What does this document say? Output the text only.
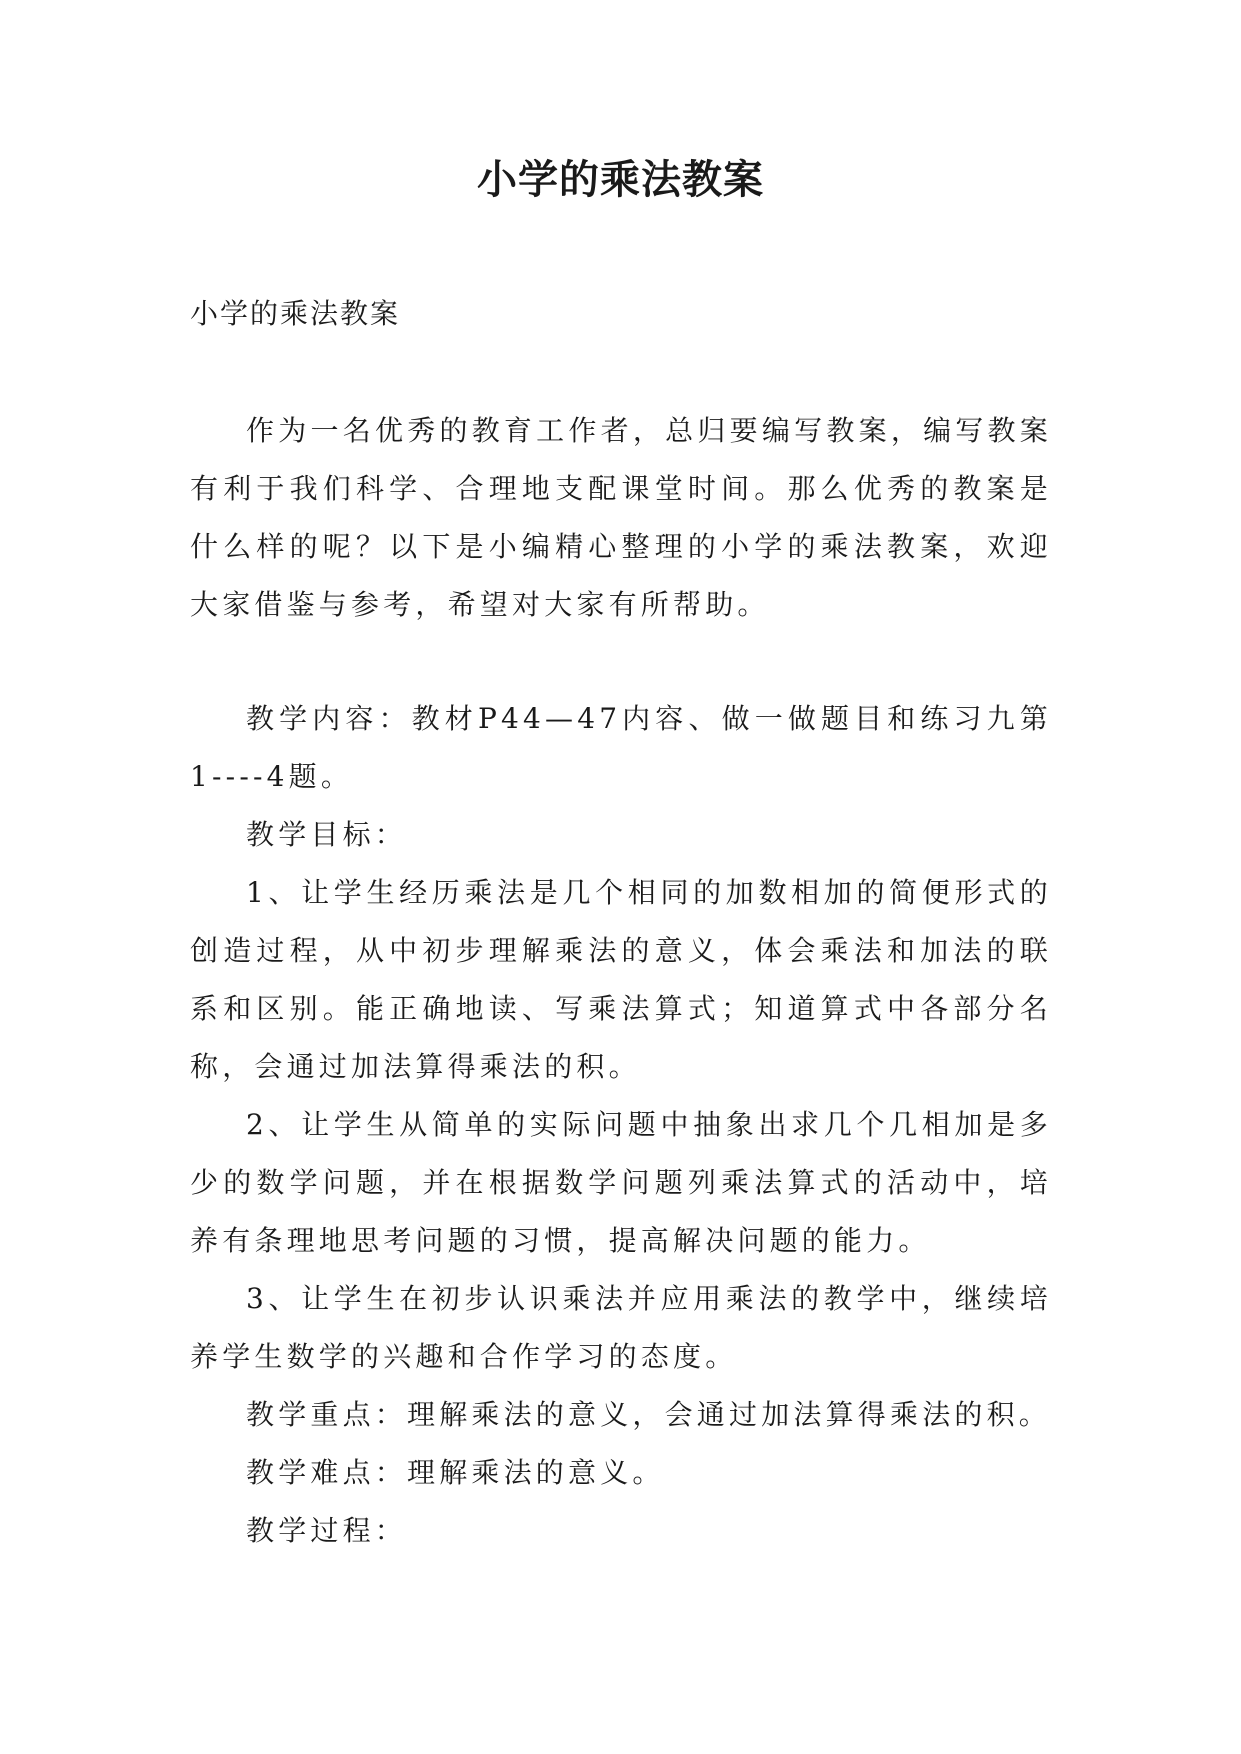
小学的乘法教案
小学的乘法教案

作为一名优秀的教育工作者，总归要编写教案，编写教案有利于我们科学、合理地支配课堂时间。那么优秀的教案是什么样的呢？以下是小编精心整理的小学的乘法教案，欢迎大家借鉴与参考，希望对大家有所帮助。

教学内容：教材P44—47内容、做一做题目和练习九第1----4题。

教学目标：

1、让学生经历乘法是几个相同的加数相加的简便形式的创造过程，从中初步理解乘法的意义，体会乘法和加法的联系和区别。能正确地读、写乘法算式；知道算式中各部分名称，会通过加法算得乘法的积。

2、让学生从简单的实际问题中抽象出求几个几相加是多少的数学问题，并在根据数学问题列乘法算式的活动中，培养有条理地思考问题的习惯，提高解决问题的能力。

3、让学生在初步认识乘法并应用乘法的教学中，继续培养学生数学的兴趣和合作学习的态度。

教学重点：理解乘法的意义，会通过加法算得乘法的积。

教学难点：理解乘法的意义。

教学过程：
